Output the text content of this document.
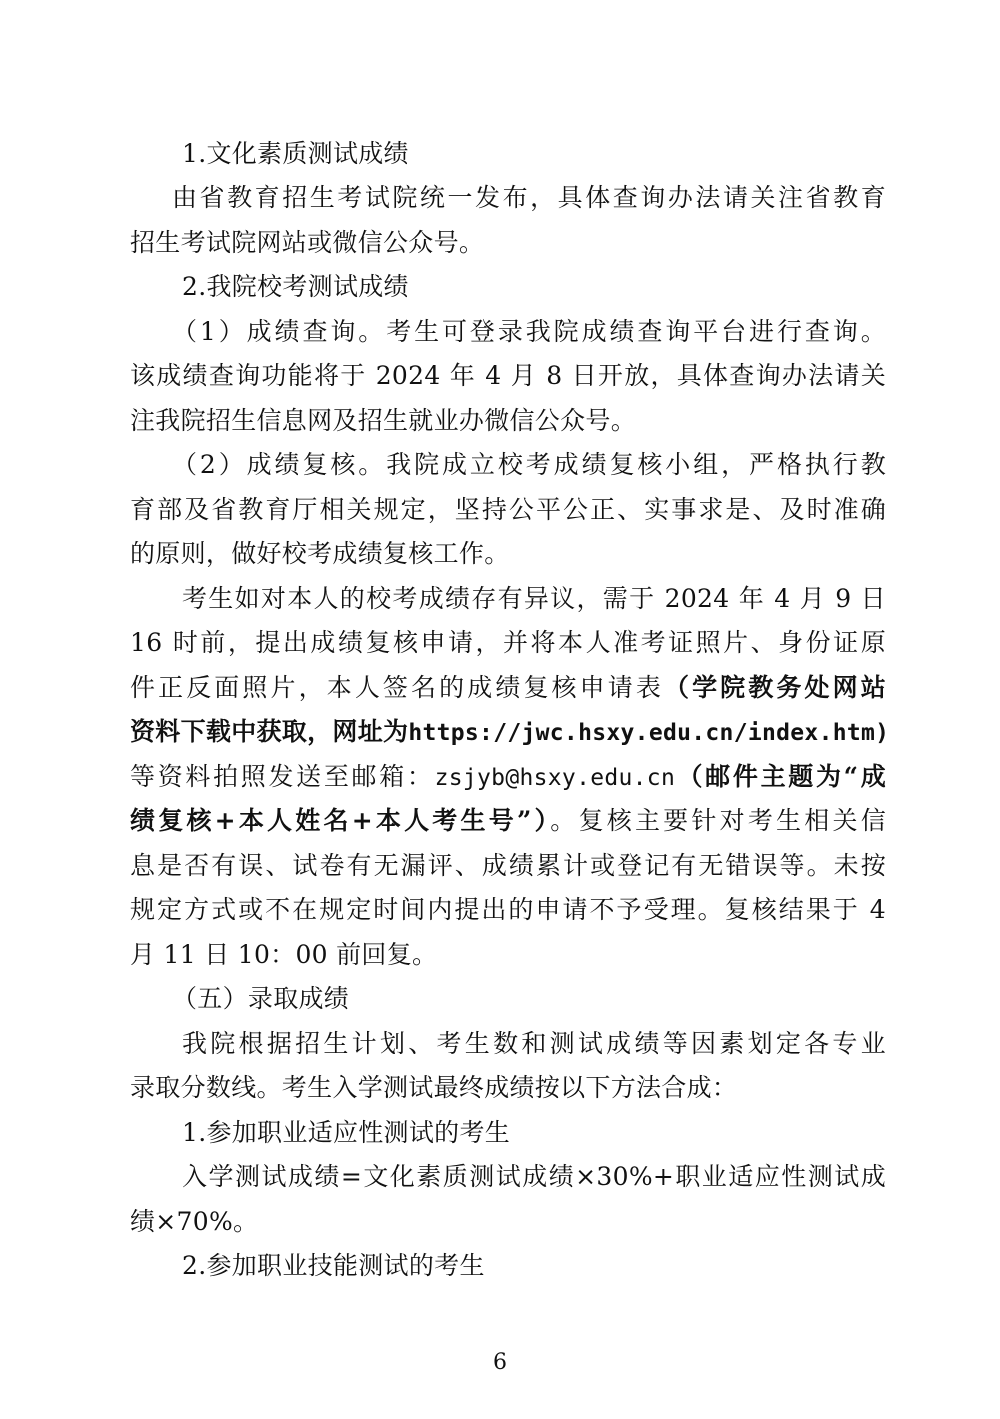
1.文化素质测试成绩
由省教育招生考试院统一发布，具体查询办法请关注省教育
招生考试院网站或微信公众号。
2.我院校考测试成绩
（1）成绩查询。考生可登录我院成绩查询平台进行查询。
该成绩查询功能将于 2024 年 4 月 8 日开放，具体查询办法请关
注我院招生信息网及招生就业办微信公众号。
（2）成绩复核。我院成立校考成绩复核小组，严格执行教
育部及省教育厅相关规定，坚持公平公正、实事求是、及时准确
的原则，做好校考成绩复核工作。
考生如对本人的校考成绩存有异议，需于 2024 年 4 月 9 日
16 时前，提出成绩复核申请，并将本人准考证照片、身份证原
件正反面照片，本人签名的成绩复核申请表（学院教务处网站
资料下载中获取，网址为https://jwc.hsxy.edu.cn/index.htm)
等资料拍照发送至邮箱：zsjyb@hsxy.edu.cn（邮件主题为“成
绩复核+本人姓名+本人考生号”）。复核主要针对考生相关信
息是否有误、试卷有无漏评、成绩累计或登记有无错误等。未按
规定方式或不在规定时间内提出的申请不予受理。复核结果于 4
月 11 日 10：00 前回复。
（五）录取成绩
我院根据招生计划、考生数和测试成绩等因素划定各专业
录取分数线。考生入学测试最终成绩按以下方法合成：
1.参加职业适应性测试的考生
入学测试成绩=文化素质测试成绩×30%+职业适应性测试成
绩×70%。
2.参加职业技能测试的考生
6
